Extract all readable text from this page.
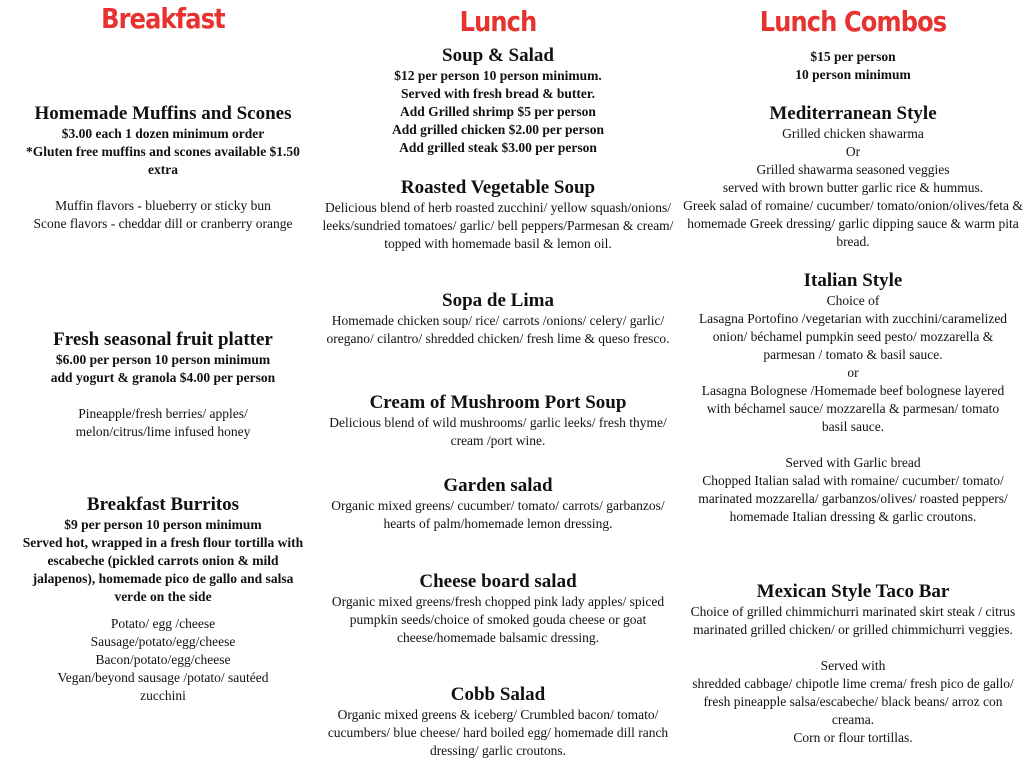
Breakfast

Homemade Muffins and Scones

$3.00 each 1 dozen minimum order

*Gluten free muffins and scones available $1.50 extra

Muffin flavors - blueberry or sticky bun

Scone flavors - cheddar dill or cranberry orange

Fresh seasonal fruit platter

$6.00 per person 10 person minimum

add yogurt & granola $4.00 per person

Pineapple/fresh berries/ apples/ melon/citrus/lime infused honey

Breakfast Burritos

$9 per person 10 person minimum

Served hot, wrapped in a fresh flour tortilla with escabeche (pickled carrots onion & mild jalapenos), homemade pico de gallo and salsa verde on the side

Potato/ egg /cheese

Sausage/potato/egg/cheese

Bacon/potato/egg/cheese

Vegan/beyond sausage /potato/ sautéed zucchini

Lunch

Soup & Salad

$12 per person 10 person minimum.

Served with fresh bread & butter.

Add Grilled shrimp $5 per person

Add grilled chicken $2.00 per person

Add grilled steak $3.00 per person

Roasted Vegetable Soup

Delicious blend of herb roasted zucchini/ yellow squash/onions/ leeks/sundried tomatoes/ garlic/ bell peppers/Parmesan & cream/ topped with homemade basil & lemon oil.

Sopa de Lima

Homemade chicken soup/ rice/ carrots /onions/ celery/ garlic/ oregano/ cilantro/ shredded chicken/ fresh lime & queso fresco.

Cream of Mushroom Port Soup

Delicious blend of wild mushrooms/ garlic leeks/ fresh thyme/ cream /port wine.

Garden salad

Organic mixed greens/ cucumber/ tomato/ carrots/ garbanzos/ hearts of palm/homemade lemon dressing.

Cheese board salad

Organic mixed greens/fresh chopped pink lady apples/ spiced pumpkin seeds/choice of smoked gouda cheese or goat cheese/homemade balsamic dressing.

Cobb Salad

Organic mixed greens & iceberg/ Crumbled bacon/ tomato/ cucumbers/ blue cheese/ hard boiled egg/ homemade dill ranch dressing/ garlic croutons.

Lunch Combos

$15 per person

10 person minimum

Mediterranean Style

Grilled chicken shawarma

Or

Grilled shawarma seasoned veggies

served with brown butter garlic rice & hummus.

Greek salad of romaine/ cucumber/ tomato/onion/olives/feta & homemade Greek dressing/ garlic dipping sauce & warm pita bread.

Italian Style

Choice of

Lasagna Portofino /vegetarian with zucchini/caramelized onion/ béchamel pumpkin seed pesto/ mozzarella & parmesan / tomato & basil sauce.

or

Lasagna Bolognese /Homemade beef bolognese layered with béchamel sauce/ mozzarella & parmesan/ tomato basil sauce.

Served with Garlic bread

Chopped Italian salad with romaine/ cucumber/ tomato/ marinated mozzarella/ garbanzos/olives/ roasted peppers/ homemade Italian dressing & garlic croutons.

Mexican Style Taco Bar

Choice of grilled chimmichurri marinated skirt steak / citrus marinated grilled chicken/ or grilled chimmichurri veggies.

Served with

shredded cabbage/ chipotle lime crema/ fresh pico de gallo/ fresh pineapple salsa/escabeche/ black beans/ arroz con creama.

Corn or flour tortillas.
